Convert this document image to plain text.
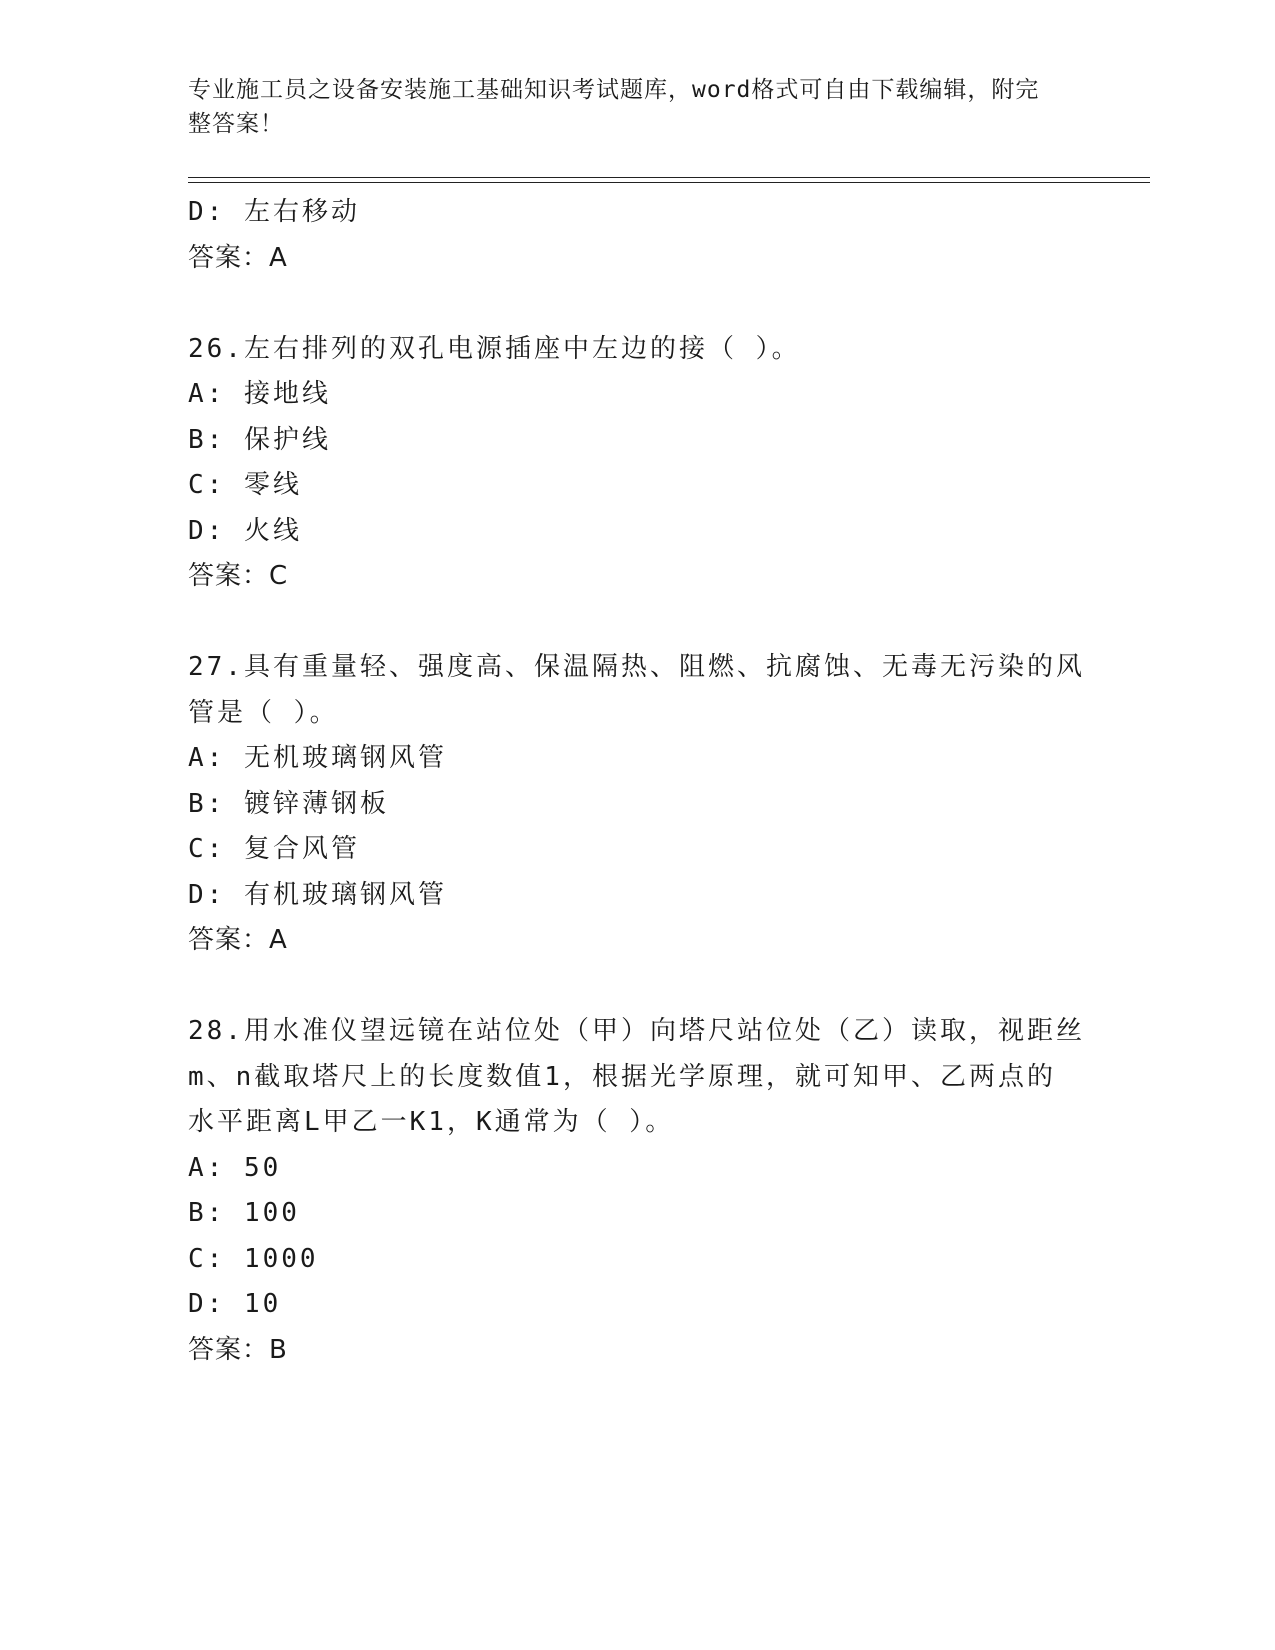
专业施工员之设备安装施工基础知识考试题库，word格式可自由下载编辑，附完
整答案！
D: 左右移动
答案：A
26.左右排列的双孔电源插座中左边的接（ ）。
A: 接地线
B: 保护线
C: 零线
D: 火线
答案：C
27.具有重量轻、强度高、保温隔热、阻燃、抗腐蚀、无毒无污染的风
管是（ ）。
A: 无机玻璃钢风管
B: 镀锌薄钢板
C: 复合风管
D: 有机玻璃钢风管
答案：A
28.用水准仪望远镜在站位处（甲）向塔尺站位处（乙）读取，视距丝
m、n截取塔尺上的长度数值1，根据光学原理，就可知甲、乙两点的
水平距离L甲乙一K1，K通常为（ ）。
A: 50
B: 100
C: 1000
D: 10
答案：B
